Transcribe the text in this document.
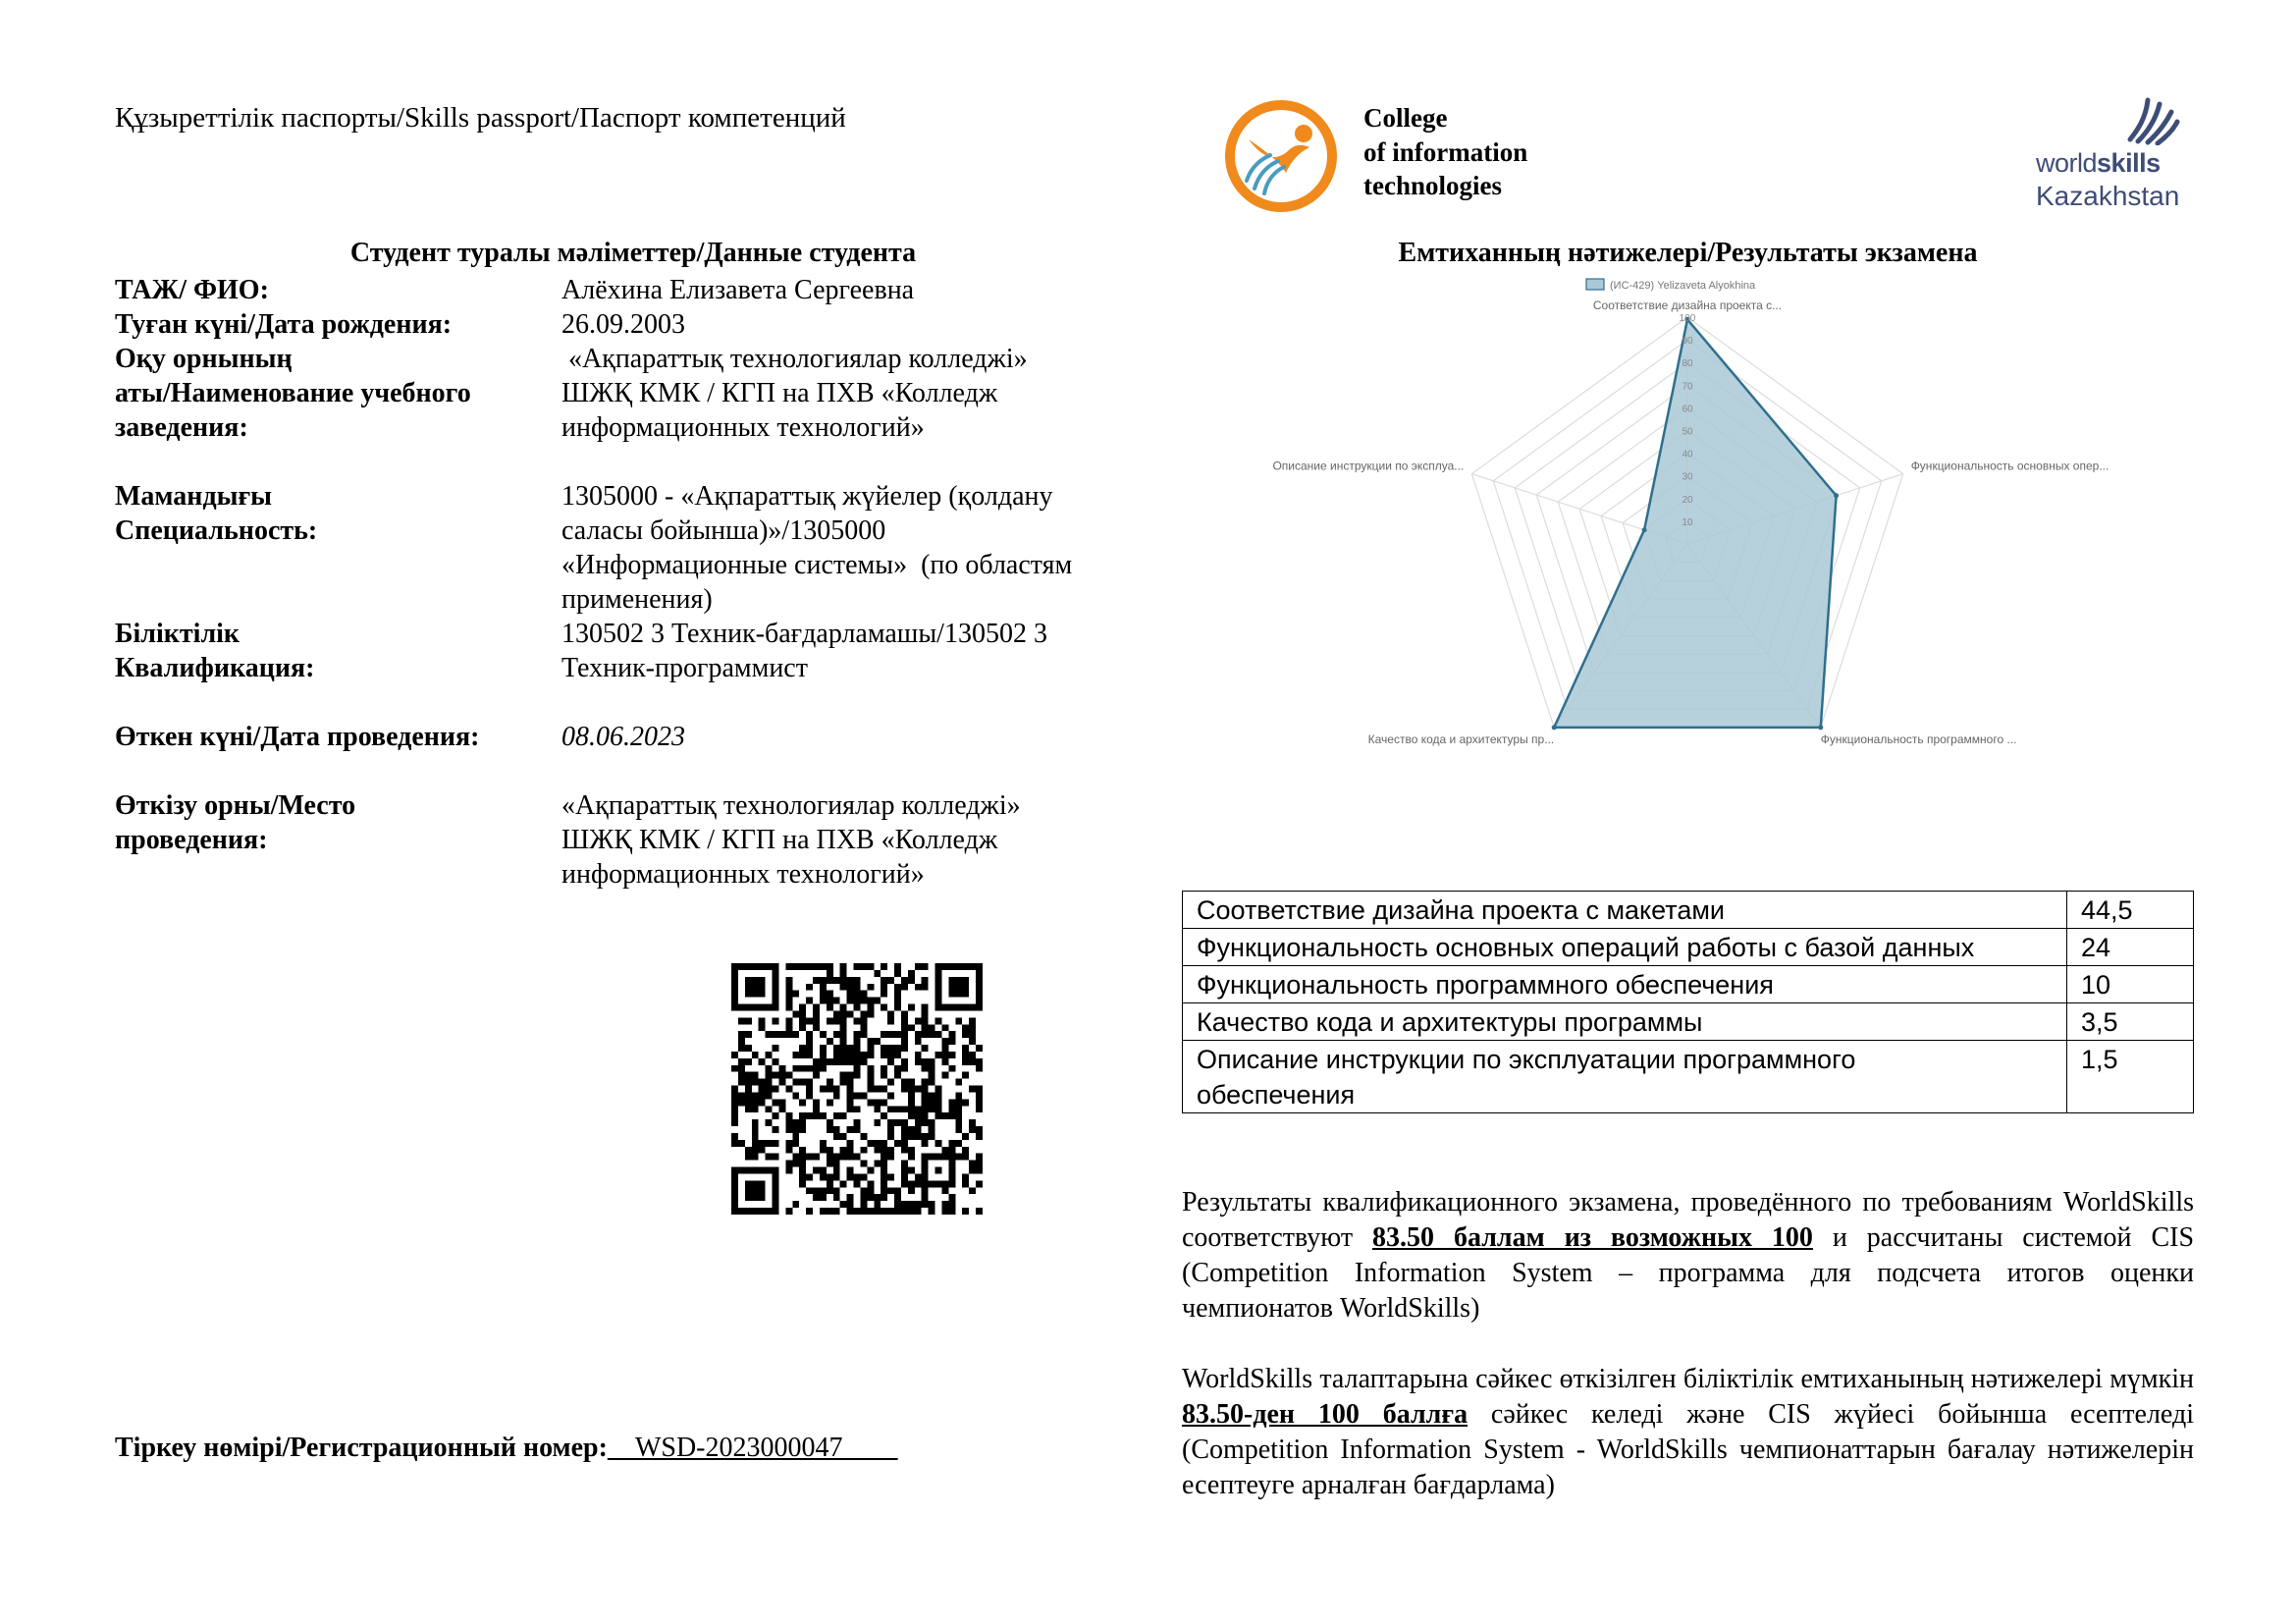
Құзыреттілік паспорты/Skills passport/Паспорт компетенций	College
of information
technologies
worldskills
Kazakhstan
Студент туралы мәліметтер/Данные студента
ТАЖ/ ФИО:	Алёхина Елизавета Сергеевна
Туған күні/Дата рождения:	26.09.2003
Оқу орнының
аты/Наименование учебного
заведения:
«Ақпараттық технологиялар колледжі»
ШЖҚ КМК / КГП на ПХВ «Колледж
информационных технологий»
Мамандығы
Специальность:
1305000 - «Ақпараттық жүйелер (қолдану
саласы бойынша)»/1305000
«Информационные системы»  (по областям
применения)
Біліктілік
Квалификация:
130502 3 Техник-бағдарламашы/130502 3
Техник-программист
Өткен күні/Дата проведения:	08.06.2023
Өткізу орны/Место
проведения:
«Ақпараттық технологиялар колледжі»
ШЖҚ КМК / КГП на ПХВ «Колледж
информационных технологий»
Тіркеу нөмірі/Регистрационный номер:__WSD-2023000047____
Емтиханның нәтижелері/Результаты экзамена
10
20
30
40
50
60
70
80
90
100
Соответствие дизайна проекта с...
Функциональность основных опер...
Функциональность программного ...
Качество кода и архитектуры пр...
Описание инструкции по эксплуа...
(ИС-429) Yelizaveta Alyokhina
Соответствие дизайна проекта с макетами	44,5
Функциональность основных операций работы с базой данных	24
Функциональность программного обеспечения	10
Качество кода и архитектуры программы	3,5

Описание инструкции по эксплуатации программного обеспечения	1,5

Результаты квалификационного экзамена, проведённого по требованиям WorldSkills соответствуют 83.50 баллам из возможных 100 и рассчитаны системой CIS (Competition Information System – программа для подсчета итогов оценки чемпионатов WorldSkills)

WorldSkills талаптарына сәйкес өткізілген біліктілік емтиханының нәтижелері мүмкін 83.50-ден 100 баллға сәйкес келеді және CIS жүйесі бойынша есептеледі (Competition Information System - WorldSkills чемпионаттарын бағалау нәтижелерін есептеуге арналған бағдарлама)
